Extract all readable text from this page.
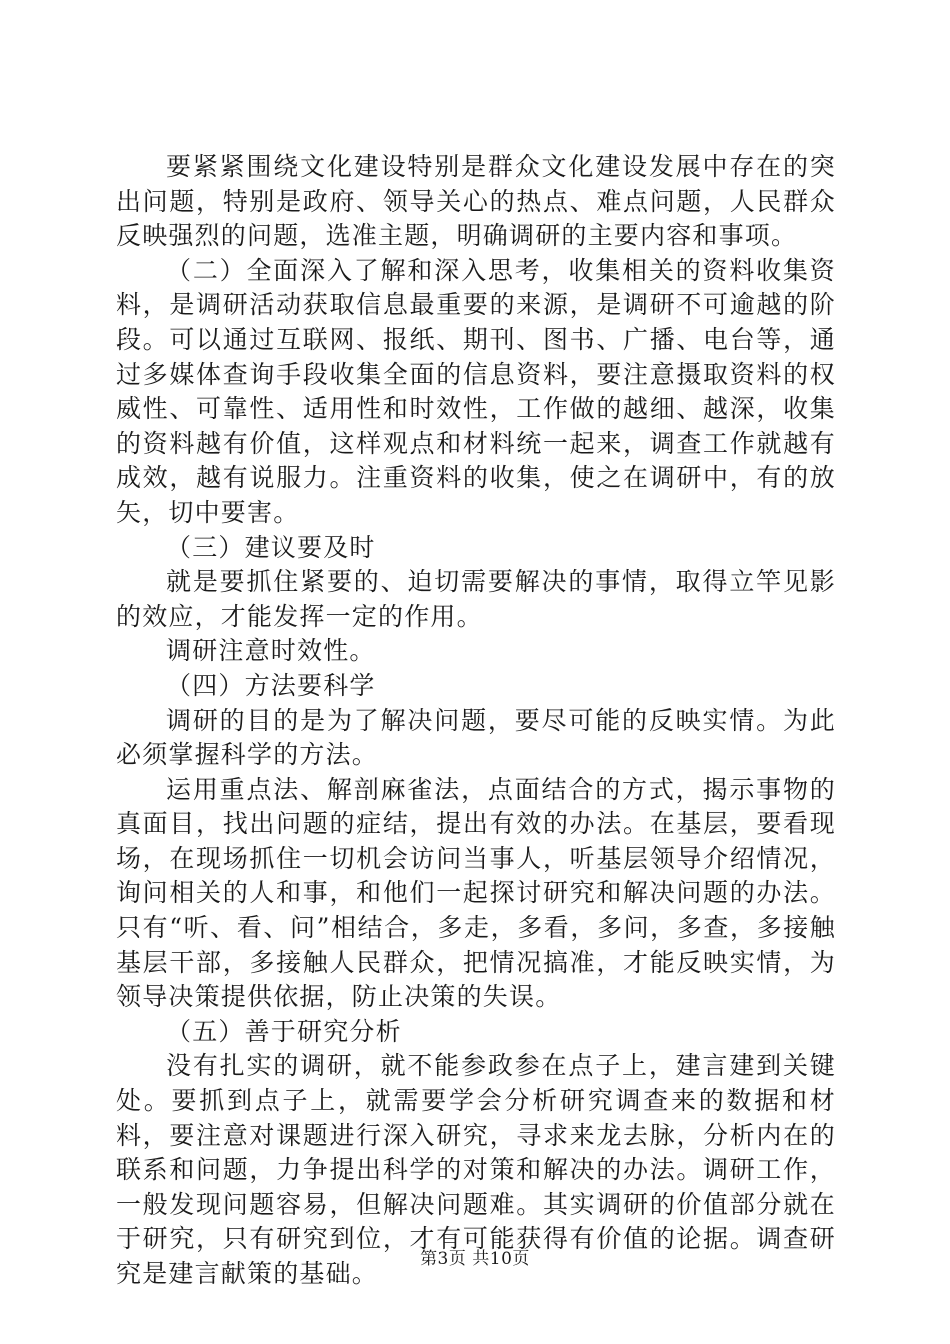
要紧紧围绕文化建设特别是群众文化建设发展中存在的突出问题，特别是政府、领导关心的热点、难点问题，人民群众反映强烈的问题，选准主题，明确调研的主要内容和事项。

（二）全面深入了解和深入思考，收集相关的资料收集资料，是调研活动获取信息最重要的来源，是调研不可逾越的阶段。可以通过互联网、报纸、期刊、图书、广播、电台等，通过多媒体查询手段收集全面的信息资料，要注意摄取资料的权威性、可靠性、适用性和时效性，工作做的越细、越深，收集的资料越有价值，这样观点和材料统一起来，调查工作就越有成效，越有说服力。注重资料的收集，使之在调研中，有的放矢，切中要害。

（三）建议要及时

就是要抓住紧要的、迫切需要解决的事情，取得立竿见影的效应，才能发挥一定的作用。

调研注意时效性。

（四）方法要科学

调研的目的是为了解决问题，要尽可能的反映实情。为此必须掌握科学的方法。

运用重点法、解剖麻雀法，点面结合的方式，揭示事物的真面目，找出问题的症结，提出有效的办法。在基层，要看现场，在现场抓住一切机会访问当事人，听基层领导介绍情况，询问相关的人和事，和他们一起探讨研究和解决问题的办法。只有“听、看、问”相结合，多走，多看，多问，多查，多接触基层干部，多接触人民群众，把情况搞准，才能反映实情，为领导决策提供依据，防止决策的失误。

（五）善于研究分析

没有扎实的调研，就不能参政参在点子上，建言建到关键处。要抓到点子上，就需要学会分析研究调查来的数据和材料，要注意对课题进行深入研究，寻求来龙去脉，分析内在的联系和问题，力争提出科学的对策和解决的办法。调研工作，一般发现问题容易，但解决问题难。其实调研的价值部分就在于研究，只有研究到位，才有可能获得有价值的论据。调查研究是建言献策的基础。	第3页 共10页
